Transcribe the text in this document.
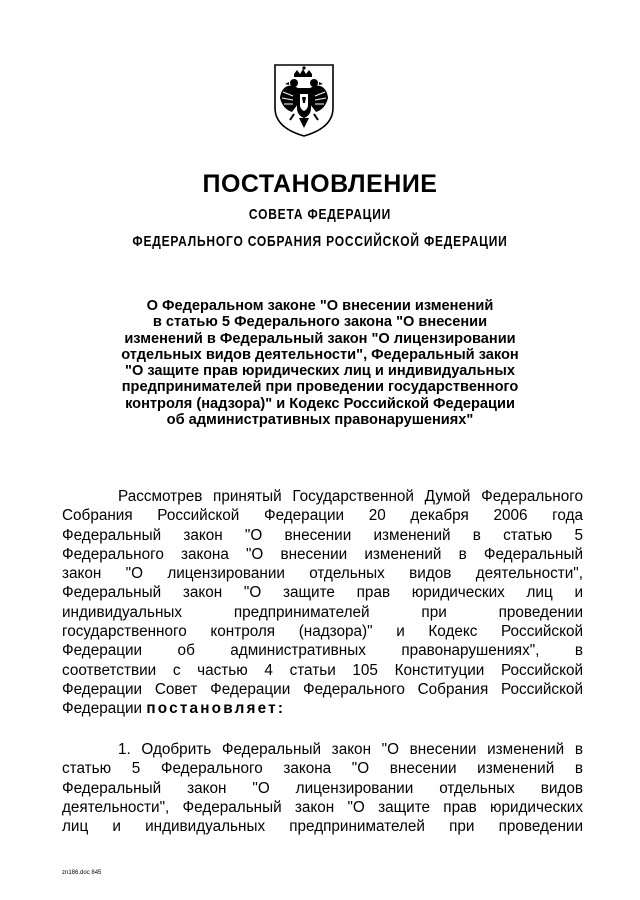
ПОСТАНОВЛЕНИЕ
СОВЕТА ФЕДЕРАЦИИ
ФЕДЕРАЛЬНОГО СОБРАНИЯ РОССИЙСКОЙ ФЕДЕРАЦИИ
О Федеральном законе "О внесении изменений
в статью 5 Федерального закона "О внесении
изменений в Федеральный закон "О лицензировании
отдельных видов деятельности", Федеральный закон
"О защите прав юридических лиц и индивидуальных
предпринимателей при проведении государственного
контроля (надзора)" и Кодекс Российской Федерации
об административных правонарушениях"
Рассмотрев принятый Государственной Думой Федерального
Собрания Российской Федерации 20 декабря 2006 года
Федеральный закон "О внесении изменений в статью 5
Федерального закона "О внесении изменений в Федеральный
закон "О лицензировании отдельных видов деятельности",
Федеральный закон "О защите прав юридических лиц и
индивидуальных предпринимателей при проведении
государственного контроля (надзора)" и Кодекс Российской
Федерации об административных правонарушениях", в
соответствии с частью 4 статьи 105 Конституции Российской
Федерации Совет Федерации Федерального Собрания Российской
Федерации постановляет:
1. Одобрить Федеральный закон "О внесении изменений в
статью 5 Федерального закона "О внесении изменений в
Федеральный закон "О лицензировании отдельных видов
деятельности", Федеральный закон "О защите прав юридических
лиц и индивидуальных предпринимателей при проведении
zn186.doc 845
